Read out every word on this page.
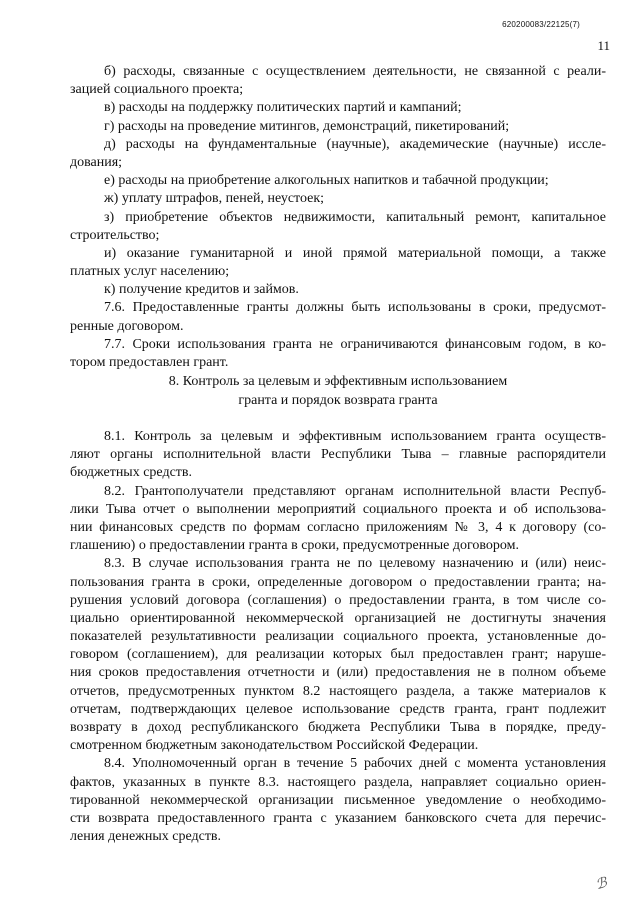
620200083/22125(7)
11
б) расходы, связанные с осуществлением деятельности, не связанной с реали-
зацией социального проекта;
в) расходы на поддержку политических партий и кампаний;
г) расходы на проведение митингов, демонстраций, пикетирований;
д) расходы на фундаментальные (научные), академические (научные) иссле-
дования;
е) расходы на приобретение алкогольных напитков и табачной продукции;
ж) уплату штрафов, пеней, неустоек;
з) приобретение объектов недвижимости, капитальный ремонт, капитальное
строительство;
и) оказание гуманитарной и иной прямой материальной помощи, а также
платных услуг населению;
к) получение кредитов и займов.
7.6. Предоставленные гранты должны быть использованы в сроки, предусмот-
ренные договором.
7.7. Сроки использования гранта не ограничиваются финансовым годом, в ко-
тором предоставлен грант.
8. Контроль за целевым и эффективным использованием
гранта и порядок возврата гранта
8.1. Контроль за целевым и эффективным использованием гранта осуществ-
ляют органы исполнительной власти Республики Тыва – главные распорядители
бюджетных средств.
8.2. Грантополучатели представляют органам исполнительной власти Респуб-
лики Тыва отчет о выполнении мероприятий социального проекта и об использова-
нии финансовых средств по формам согласно приложениям № 3, 4 к договору (со-
глашению) о предоставлении гранта в сроки, предусмотренные договором.
8.3. В случае использования гранта не по целевому назначению и (или) неис-
пользования гранта в сроки, определенные договором о предоставлении гранта; на-
рушения условий договора (соглашения) о предоставлении гранта, в том числе со-
циально ориентированной некоммерческой организацией не достигнуты значения
показателей результативности реализации социального проекта, установленные до-
говором (соглашением), для реализации которых был предоставлен грант; наруше-
ния сроков предоставления отчетности и (или) предоставления не в полном объеме
отчетов, предусмотренных пунктом 8.2 настоящего раздела, а также материалов к
отчетам, подтверждающих целевое использование средств гранта, грант подлежит
возврату в доход республиканского бюджета Республики Тыва в порядке, преду-
смотренном бюджетным законодательством Российской Федерации.
8.4. Уполномоченный орган в течение 5 рабочих дней с момента установления
фактов, указанных в пункте 8.3. настоящего раздела, направляет социально ориен-
тированной некоммерческой организации письменное уведомление о необходимо-
сти возврата предоставленного гранта с указанием банковского счета для перечис-
ления денежных средств.
ℬ
